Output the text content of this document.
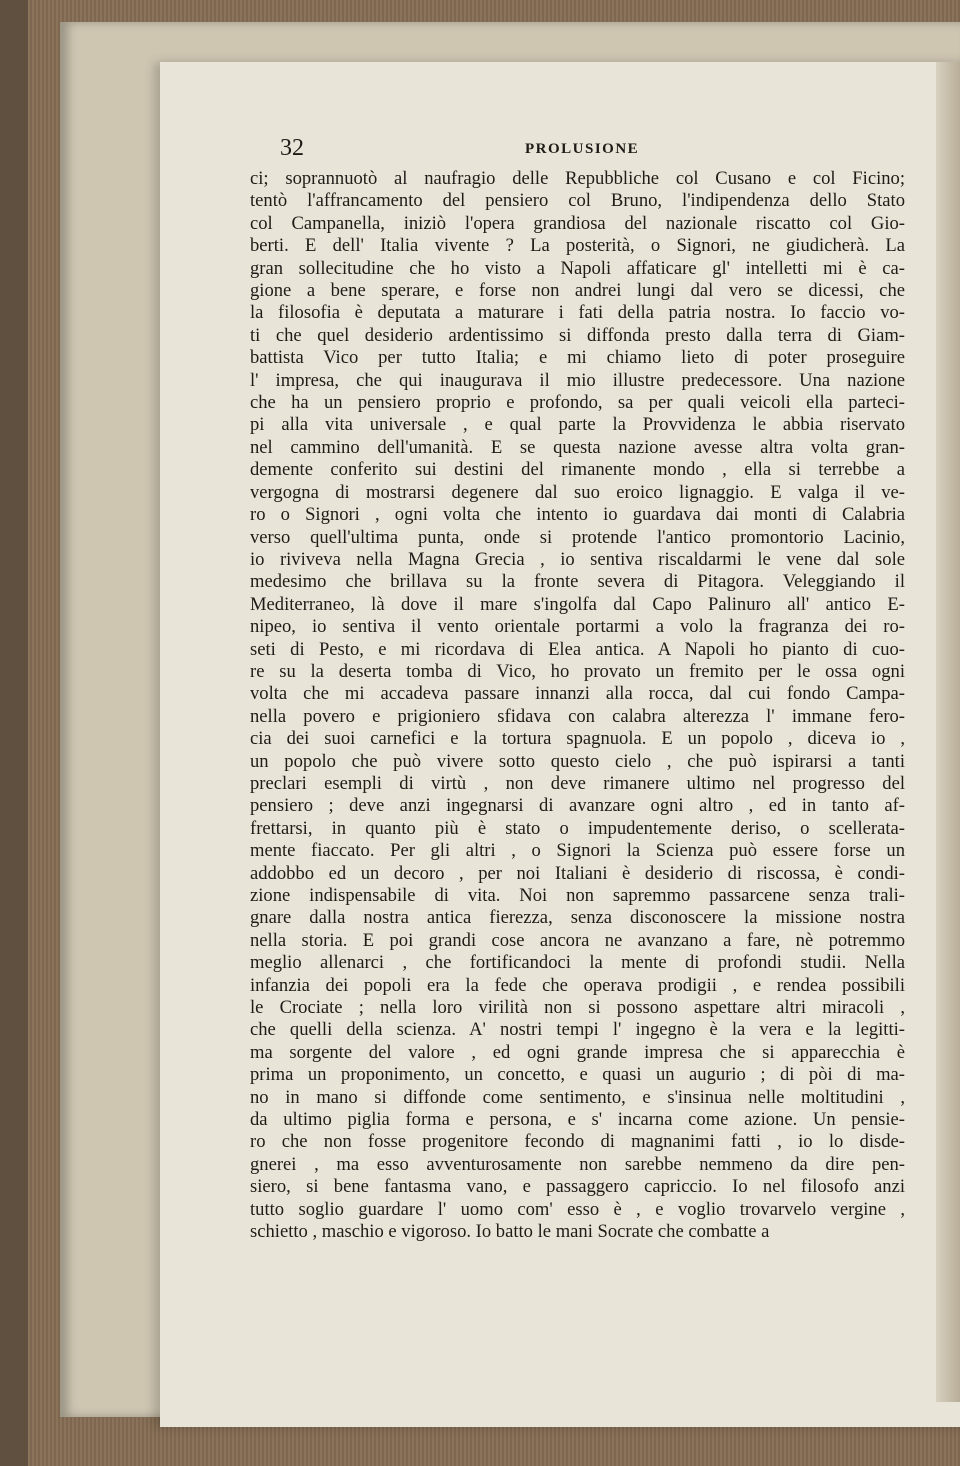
32	PROLUSIONE
ci; soprannuotò al naufragio delle Repubbliche col Cusano e col Ficino;
tentò l'affrancamento del pensiero col Bruno, l'indipendenza dello Stato
col Campanella, iniziò l'opera grandiosa del nazionale riscatto col Gio-
berti. E dell' Italia vivente ? La posterità, o Signori, ne giudicherà. La
gran sollecitudine che ho visto a Napoli affaticare gl' intelletti mi è ca-
gione a bene sperare, e forse non andrei lungi dal vero se dicessi, che
la filosofia è deputata a maturare i fati della patria nostra. Io faccio vo-
ti che quel desiderio ardentissimo si diffonda presto dalla terra di Giam-
battista Vico per tutto Italia; e mi chiamo lieto di poter proseguire
l' impresa, che qui inaugurava il mio illustre predecessore. Una nazione
che ha un pensiero proprio e profondo, sa per quali veicoli ella parteci-
pi alla vita universale , e qual parte la Provvidenza le abbia riservato
nel cammino dell'umanità. E se questa nazione avesse altra volta gran-
demente conferito sui destini del rimanente mondo , ella si terrebbe a
vergogna di mostrarsi degenere dal suo eroico lignaggio. E valga il ve-
ro o Signori , ogni volta che intento io guardava dai monti di Calabria
verso quell'ultima punta, onde si protende l'antico promontorio Lacinio,
io riviveva nella Magna Grecia , io sentiva riscaldarmi le vene dal sole
medesimo che brillava su la fronte severa di Pitagora. Veleggiando il
Mediterraneo, là dove il mare s'ingolfa dal Capo Palinuro all' antico E-
nipeo, io sentiva il vento orientale portarmi a volo la fragranza dei ro-
seti di Pesto, e mi ricordava di Elea antica. A Napoli ho pianto di cuo-
re su la deserta tomba di Vico, ho provato un fremito per le ossa ogni
volta che mi accadeva passare innanzi alla rocca, dal cui fondo Campa-
nella povero e prigioniero sfidava con calabra alterezza l' immane fero-
cia dei suoi carnefici e la tortura spagnuola. E un popolo , diceva io ,
un popolo che può vivere sotto questo cielo , che può ispirarsi a tanti
preclari esempli di virtù , non deve rimanere ultimo nel progresso del
pensiero ; deve anzi ingegnarsi di avanzare ogni altro , ed in tanto af-
frettarsi, in quanto più è stato o impudentemente deriso, o scellerata-
mente fiaccato. Per gli altri , o Signori la Scienza può essere forse un
addobbo ed un decoro , per noi Italiani è desiderio di riscossa, è condi-
zione indispensabile di vita. Noi non sapremmo passarcene senza trali-
gnare dalla nostra antica fierezza, senza disconoscere la missione nostra
nella storia. E poi grandi cose ancora ne avanzano a fare, nè potremmo
meglio allenarci , che fortificandoci la mente di profondi studii. Nella
infanzia dei popoli era la fede che operava prodigii , e rendea possibili
le Crociate ; nella loro virilità non si possono aspettare altri miracoli ,
che quelli della scienza. A' nostri tempi l' ingegno è la vera e la legitti-
ma sorgente del valore , ed ogni grande impresa che si apparecchia è
prima un proponimento, un concetto, e quasi un augurio ; di pòi di ma-
no in mano si diffonde come sentimento, e s'insinua nelle moltitudini ,
da ultimo piglia forma e persona, e s' incarna come azione. Un pensie-
ro che non fosse progenitore fecondo di magnanimi fatti , io lo disde-
gnerei , ma esso avventurosamente non sarebbe nemmeno da dire pen-
siero, si bene fantasma vano, e passaggero capriccio. Io nel filosofo anzi
tutto soglio guardare l' uomo com' esso è , e voglio trovarvelo vergine ,
schietto , maschio e vigoroso. Io batto le mani Socrate che combatte a
